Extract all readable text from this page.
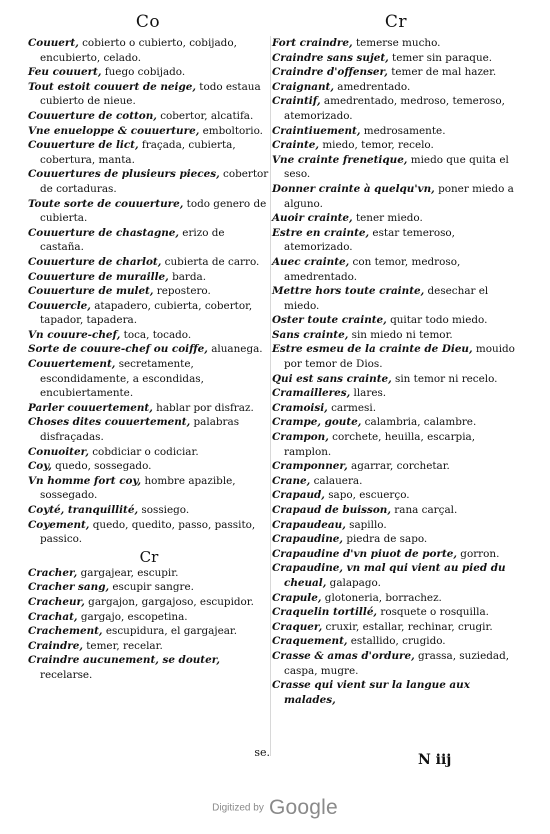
Co	Cr

Couuert, cobierto o cubierto, cobijado, encubierto, celado.

Feu couuert, fuego cobijado.

Tout estoit couuert de neige, todo estaua cubierto de nieue.

Couuerture de cotton, cobertor, alcatifa.

Vne enueloppe & couuerture, emboltorio.

Couuerture de lict, fraçada, cubierta, cobertura, manta.

Couuertures de plusieurs pieces, cobertor de cortaduras.

Toute sorte de couuerture, todo genero de cubierta.

Couuerture de chastagne, erizo de castaña.

Couuerture de charlot, cubierta de carro.

Couuerture de muraille, barda.

Couuerture de mulet, repostero.

Couuercle, atapadero, cubierta, cobertor, tapador, tapadera.

Vn couure-chef, toca, tocado.

Sorte de couure-chef ou coiffe, aluanega.

Couuertement, secretamente, escondidamente, a escondidas, encubiertamente.

Parler couuertement, hablar por disfraz.

Choses dites couuertement, palabras disfraçadas.

Conuoiter, cobdiciar o codiciar.

Coy, quedo, sossegado.

Vn homme fort coy, hombre apazible, sossegado.

Coyté, tranquillité, sossiego.

Coyement, quedo, quedito, passo, passito, passico.

Cr

Cracher, gargajear, escupir.

Cracher sang, escupir sangre.

Cracheur, gargajon, gargajoso, escupidor.

Crachat, gargajo, escopetina.

Crachement, escupidura, el gargajear.

Craindre, temer, recelar.

Craindre aucunement, se douter, recelarse.

Fort craindre, temerse mucho.

Craindre sans sujet, temer sin paraque.

Craindre d'offenser, temer de mal hazer.

Craignant, amedrentado.

Craintif, amedrentado, medroso, temeroso, atemorizado.

Craintiuement, medrosamente.

Crainte, miedo, temor, recelo.

Vne crainte frenetique, miedo que quita el seso.

Donner crainte à quelqu'vn, poner miedo a alguno.

Auoir crainte, tener miedo.

Estre en crainte, estar temeroso, atemorizado.

Auec crainte, con temor, medroso, amedrentado.

Mettre hors toute crainte, desechar el miedo.

Oster toute crainte, quitar todo miedo.

Sans crainte, sin miedo ni temor.

Estre esmeu de la crainte de Dieu, mouido por temor de Dios.

Qui est sans crainte, sin temor ni recelo.

Cramailleres, llares.

Cramoisi, carmesi.

Crampe, goute, calambria, calambre.

Crampon, corchete, heuilla, escarpia, ramplon.

Cramponner, agarrar, corchetar.

Crane, calauera.

Crapaud, sapo, escuerço.

Crapaud de buisson, rana carçal.

Crapaudeau, sapillo.

Crapaudine, piedra de sapo.

Crapaudine d'vn piuot de porte, gorron.

Crapaudine, vn mal qui vient au pied du cheual, galapago.

Crapule, glotoneria, borrachez.

Craquelin tortillé, rosquete o rosquilla.

Craquer, cruxir, estallar, rechinar, crugir.

Craquement, estallido, crugido.

Crasse & amas d'ordure, grassa, suziedad, caspa, mugre.

Crasse qui vient sur la langue aux malades,

se.	N iij
Digitized by Google
